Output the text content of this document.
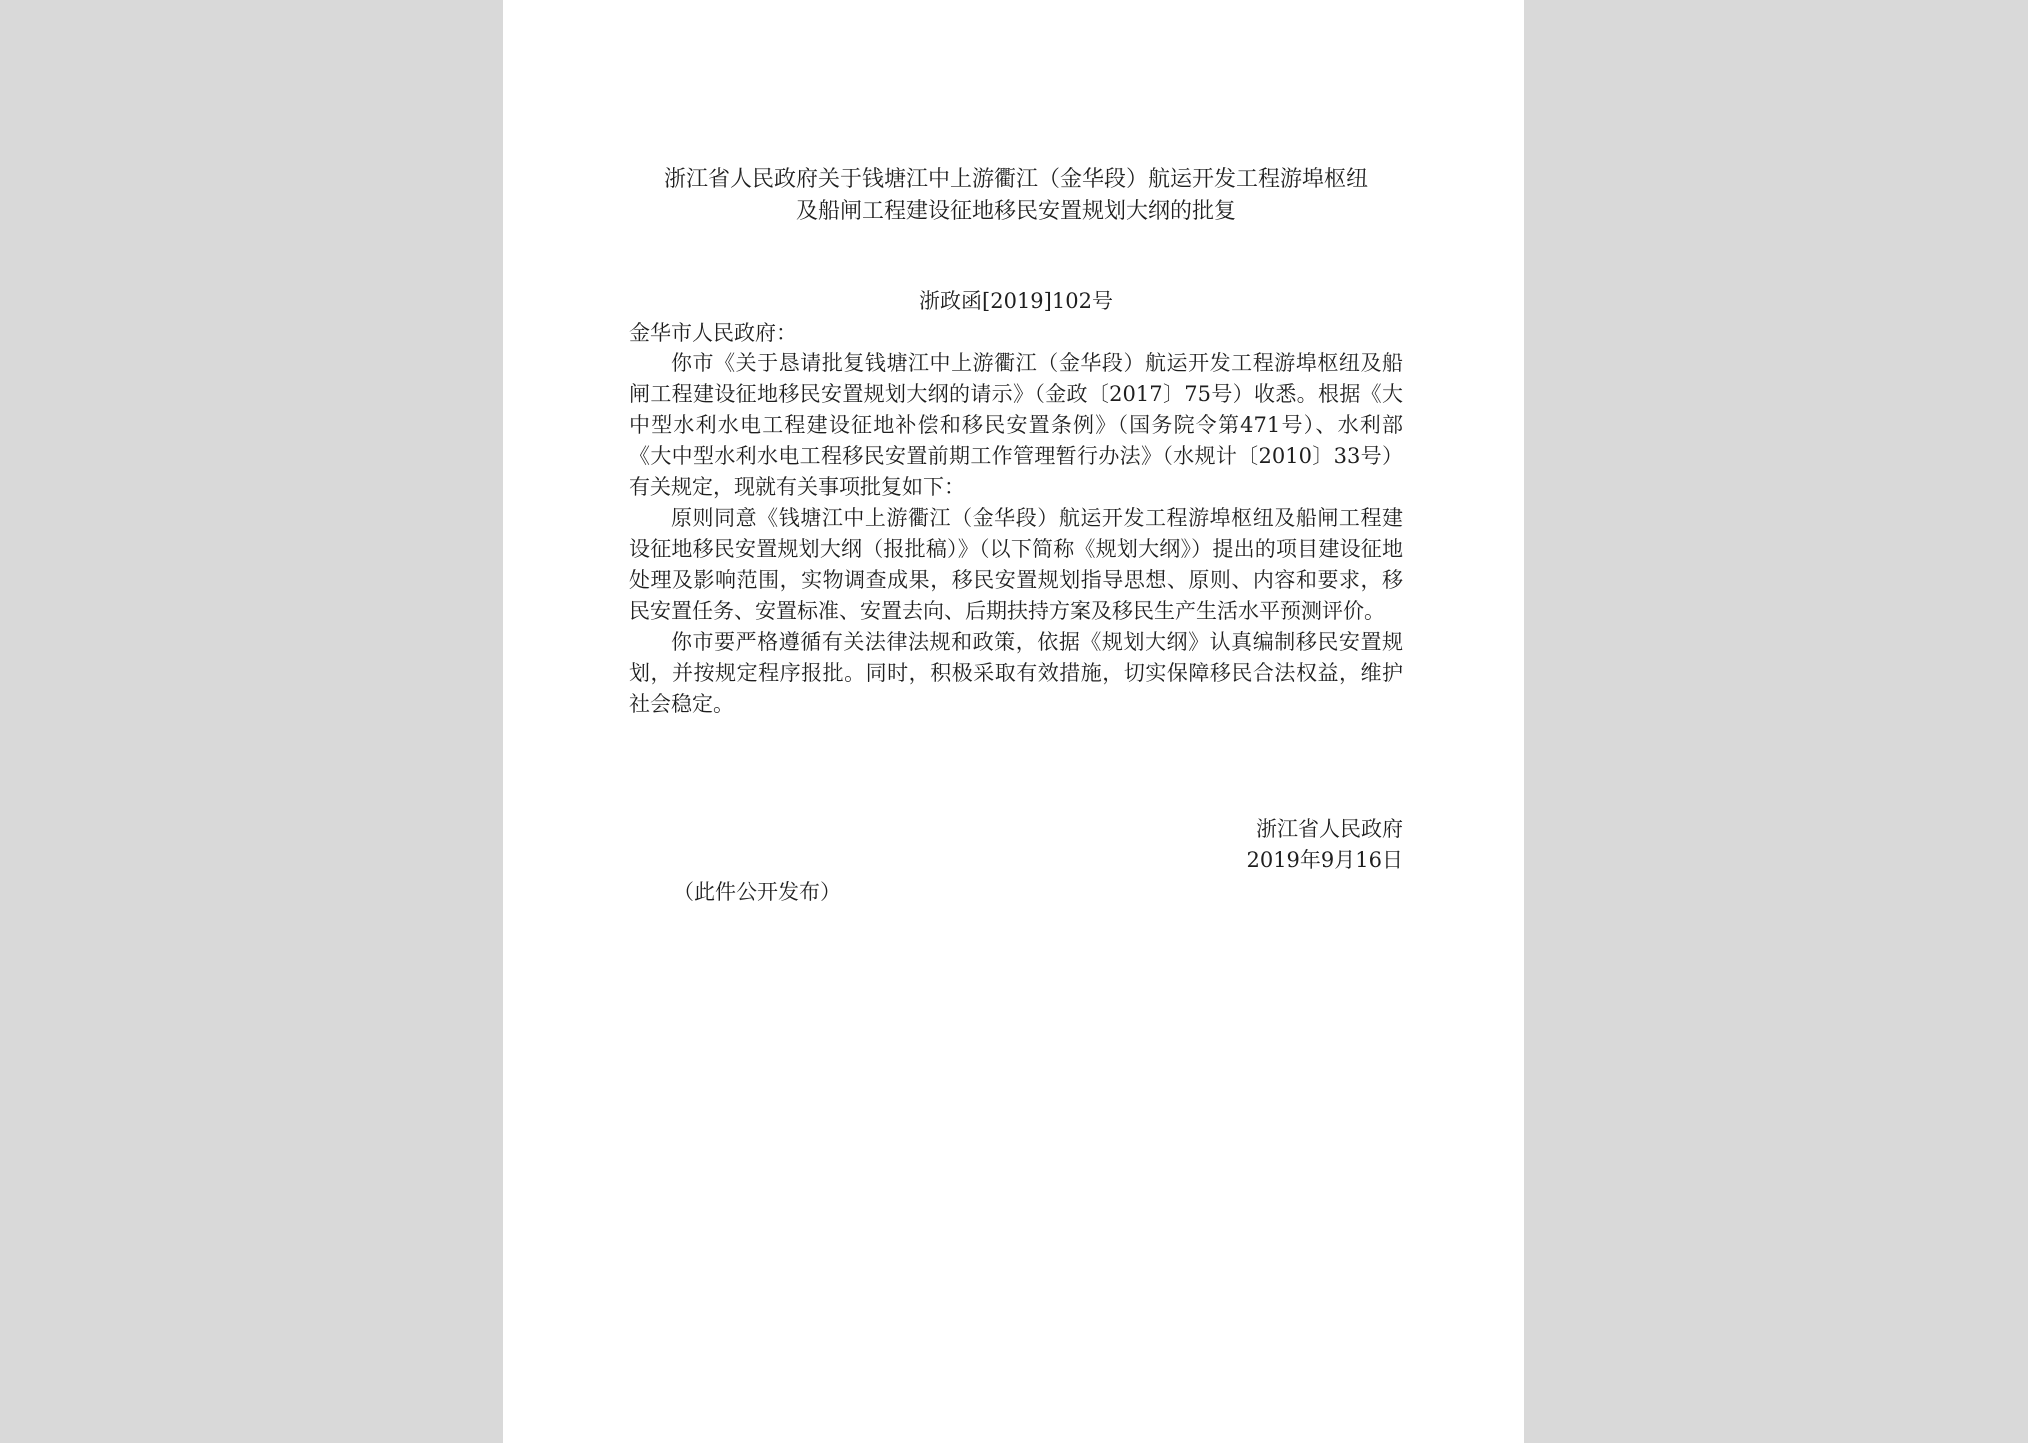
浙江省人民政府关于钱塘江中上游衢江（金华段）航运开发工程游埠枢纽
及船闸工程建设征地移民安置规划大纲的批复
浙政函[2019]102号
金华市人民政府：

你市《关于恳请批复钱塘江中上游衢江（金华段）航运开发工程游埠枢纽及船闸工程建设征地移民安置规划大纲的请示》（金政〔2017〕75号）收悉。根据《大中型水利水电工程建设征地补偿和移民安置条例》（国务院令第471号）、水利部《大中型水利水电工程移民安置前期工作管理暂行办法》（水规计〔2010〕33号）有关规定，现就有关事项批复如下：

原则同意《钱塘江中上游衢江（金华段）航运开发工程游埠枢纽及船闸工程建设征地移民安置规划大纲（报批稿）》（以下简称《规划大纲》）提出的项目建设征地处理及影响范围，实物调查成果，移民安置规划指导思想、原则、内容和要求，移民安置任务、安置标准、安置去向、后期扶持方案及移民生产生活水平预测评价。

你市要严格遵循有关法律法规和政策，依据《规划大纲》认真编制移民安置规划，并按规定程序报批。同时，积极采取有效措施，切实保障移民合法权益，维护社会稳定。

浙江省人民政府
2019年9月16日
（此件公开发布）
